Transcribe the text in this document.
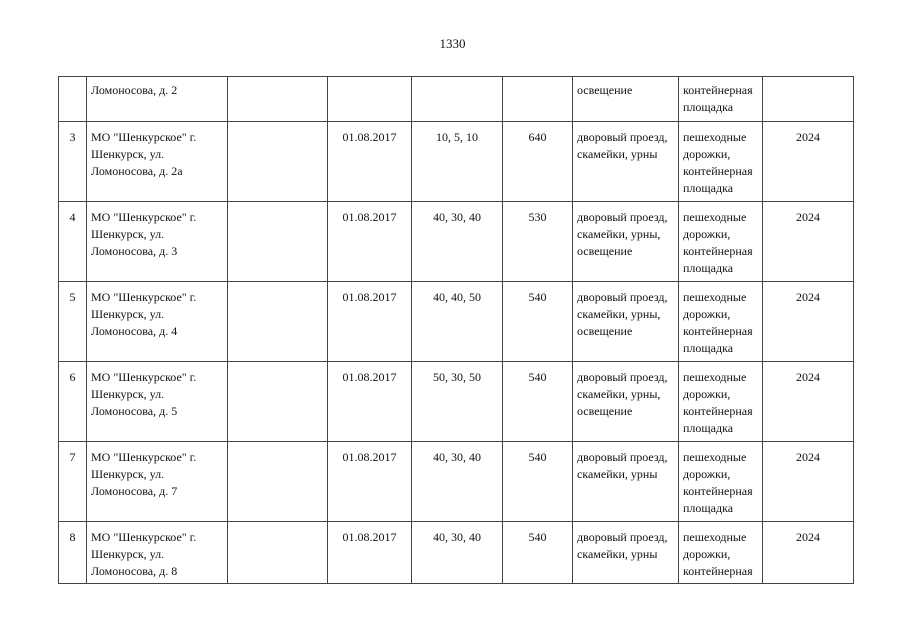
1330

	Ломоносова, д. 2					освещение	контейнерная
площадка	

3	МО "Шенкурское" г.
Шенкурск, ул.
Ломоносова, д. 2а		01.08.2017	10, 5, 10	640	дворовый проезд,
скамейки, урны	пешеходные
дорожки,
контейнерная
площадка	2024

4	МО "Шенкурское" г.
Шенкурск, ул.
Ломоносова, д. 3		01.08.2017	40, 30, 40	530	дворовый проезд,
скамейки, урны,
освещение	пешеходные
дорожки,
контейнерная
площадка	2024

5	МО "Шенкурское" г.
Шенкурск, ул.
Ломоносова, д. 4		01.08.2017	40, 40, 50	540	дворовый проезд,
скамейки, урны,
освещение	пешеходные
дорожки,
контейнерная
площадка	2024

6	МО "Шенкурское" г.
Шенкурск, ул.
Ломоносова, д. 5		01.08.2017	50, 30, 50	540	дворовый проезд,
скамейки, урны,
освещение	пешеходные
дорожки,
контейнерная
площадка	2024

7	МО "Шенкурское" г.
Шенкурск, ул.
Ломоносова, д. 7		01.08.2017	40, 30, 40	540	дворовый проезд,
скамейки, урны	пешеходные
дорожки,
контейнерная
площадка	2024

8	МО "Шенкурское" г.
Шенкурск, ул.
Ломоносова, д. 8		01.08.2017	40, 30, 40	540	дворовый проезд,
скамейки, урны	пешеходные
дорожки,
контейнерная	2024
